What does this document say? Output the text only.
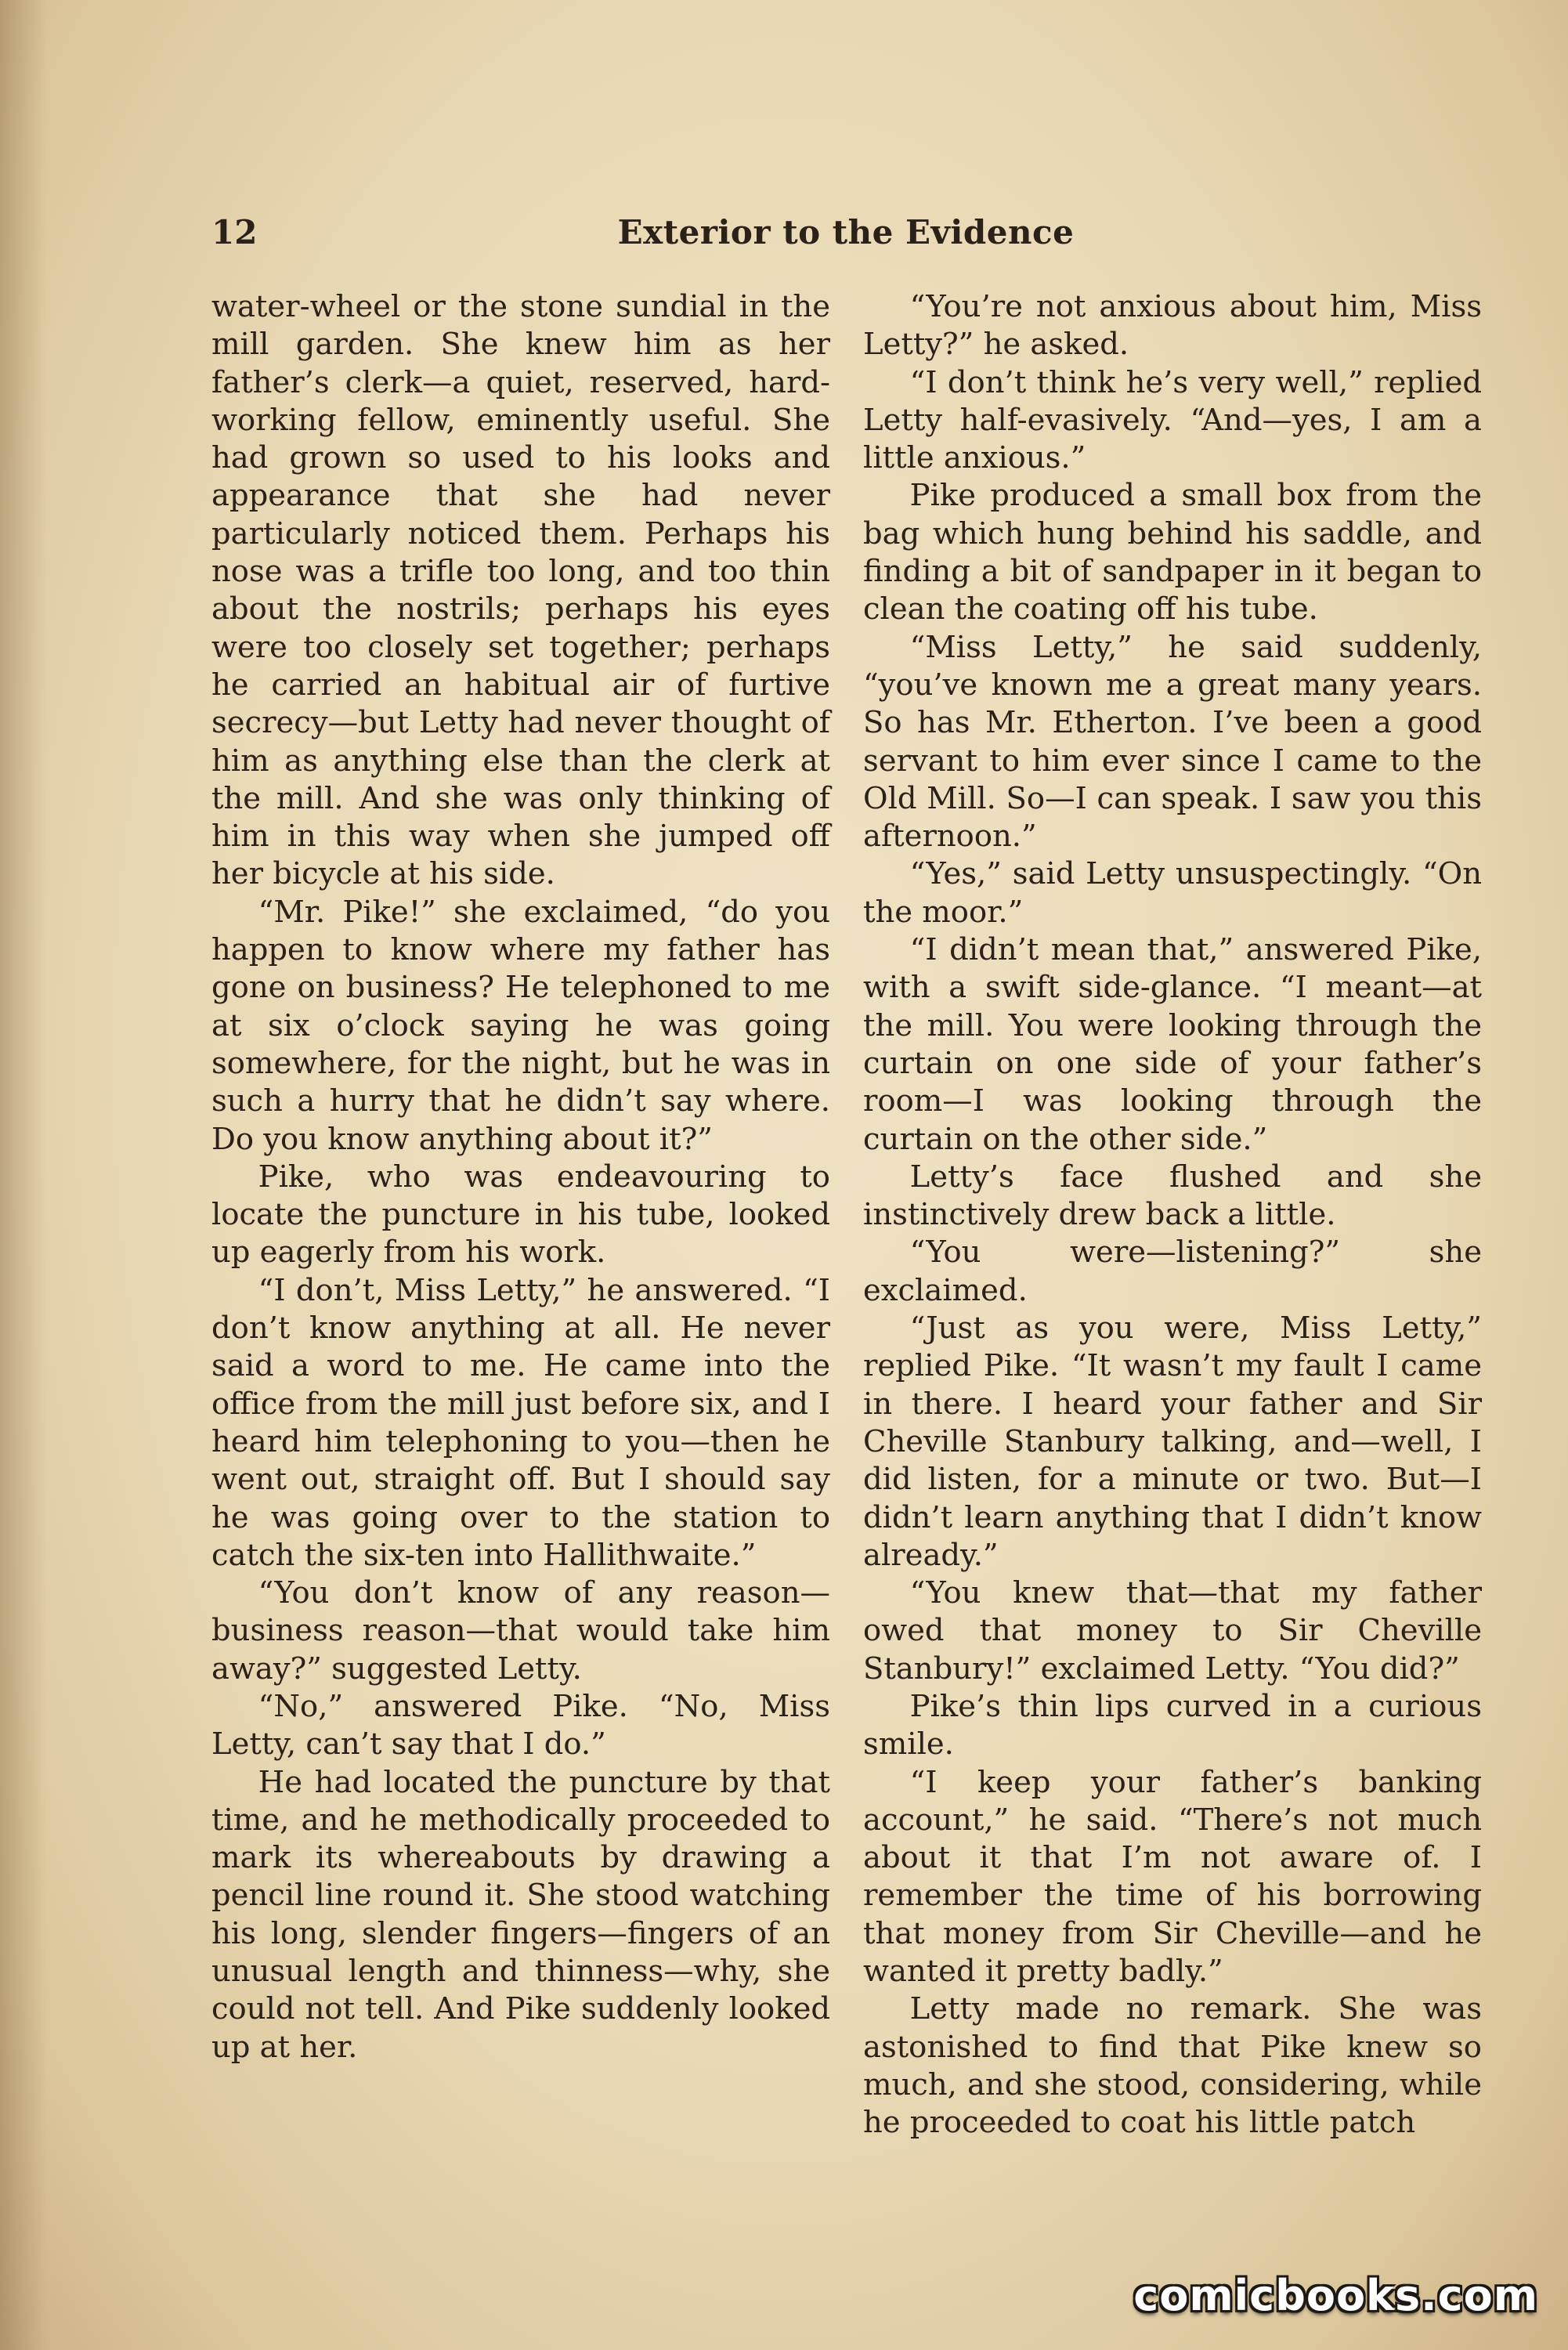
12	Exterior to the Evidence

water-wheel or the stone sundial in the mill garden. She knew him as her father’s clerk—a quiet, reserved, hard-working fellow, eminently useful. She had grown so used to his looks and appearance that she had never particularly noticed them. Perhaps his nose was a trifle too long, and too thin about the nostrils; perhaps his eyes were too closely set together; perhaps he carried an habitual air of furtive secrecy—but Letty had never thought of him as anything else than the clerk at the mill. And she was only thinking of him in this way when she jumped off her bicycle at his side.

“Mr. Pike!” she exclaimed, “do you happen to know where my father has gone on business? He telephoned to me at six o’clock saying he was going somewhere, for the night, but he was in such a hurry that he didn’t say where. Do you know anything about it?”

Pike, who was endeavouring to locate the puncture in his tube, looked up eagerly from his work.

“I don’t, Miss Letty,” he answered. “I don’t know anything at all. He never said a word to me. He came into the office from the mill just before six, and I heard him telephoning to you—then he went out, straight off. But I should say he was going over to the station to catch the six-ten into Hallithwaite.”

“You don’t know of any reason—business reason—that would take him away?” suggested Letty.

“No,” answered Pike. “No, Miss Letty, can’t say that I do.”

He had located the puncture by that time, and he methodically proceeded to mark its whereabouts by drawing a pencil line round it. She stood watching his long, slender fingers—fingers of an unusual length and thinness—why, she could not tell. And Pike suddenly looked up at her.

“You’re not anxious about him, Miss Letty?” he asked.

“I don’t think he’s very well,” replied Letty half-evasively. “And—yes, I am a little anxious.”

Pike produced a small box from the bag which hung behind his saddle, and finding a bit of sandpaper in it began to clean the coating off his tube.

“Miss Letty,” he said suddenly, “you’ve known me a great many years. So has Mr. Etherton. I’ve been a good servant to him ever since I came to the Old Mill. So—I can speak. I saw you this afternoon.”

“Yes,” said Letty unsuspectingly. “On the moor.”

“I didn’t mean that,” answered Pike, with a swift side-glance. “I meant—at the mill. You were looking through the curtain on one side of your father’s room—I was looking through the curtain on the other side.”

Letty’s face flushed and she instinctively drew back a little.

“You were—listening?” she exclaimed.

“Just as you were, Miss Letty,” replied Pike. “It wasn’t my fault I came in there. I heard your father and Sir Cheville Stanbury talking, and—well, I did listen, for a minute or two. But—I didn’t learn anything that I didn’t know already.”

“You knew that—that my father owed that money to Sir Cheville Stanbury!” exclaimed Letty. “You did?”

Pike’s thin lips curved in a curious smile.

“I keep your father’s banking account,” he said. “There’s not much about it that I’m not aware of. I remember the time of his borrowing that money from Sir Cheville—and he wanted it pretty badly.”

Letty made no remark. She was astonished to find that Pike knew so much, and she stood, considering, while he proceeded to coat his little patch

comicbooks.com
